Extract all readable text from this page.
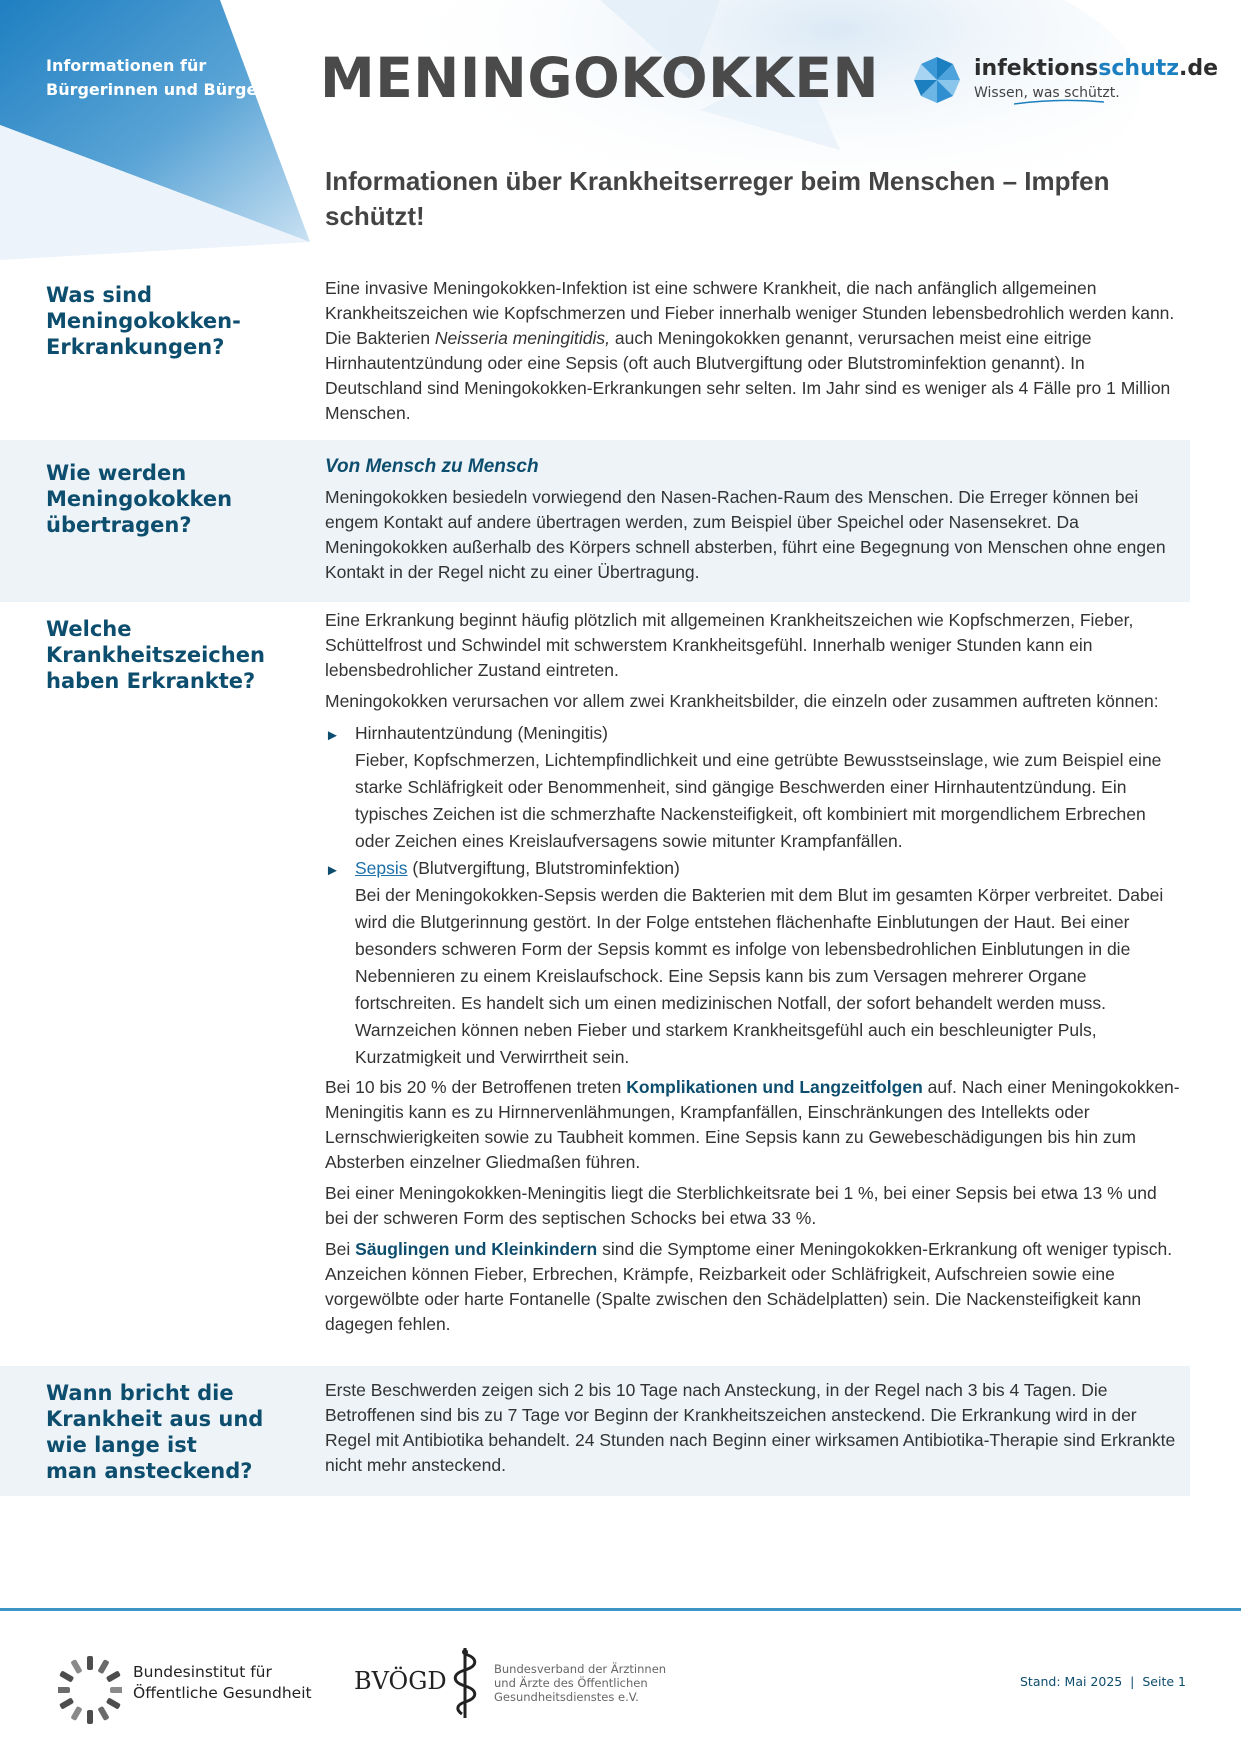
Informationen für
Bürgerinnen und Bürger MENINGOKOKKEN	infektionsschutz.de
Wissen, was schützt.
Informationen über Krankheitserreger beim Menschen – Impfen schützt!
Was sind
Meningokokken-
Erkrankungen?

Eine invasive Meningokokken-Infektion ist eine schwere Krankheit, die nach anfänglich allgemeinen Krankheitszeichen wie Kopfschmerzen und Fieber innerhalb weniger Stunden lebensbedrohlich werden kann. Die Bakterien Neisseria meningitidis, auch Meningokokken genannt, verursachen meist eine eitrige Hirnhautentzündung oder eine Sepsis (oft auch Blutvergiftung oder Blutstrominfektion genannt). In Deutschland sind Meningokokken-Erkrankungen sehr selten. Im Jahr sind es weniger als 4 Fälle pro 1 Million Menschen.

Wie werden
Meningokokken
übertragen?

Von Mensch zu Mensch

Meningokokken besiedeln vorwiegend den Nasen-Rachen-Raum des Menschen. Die Erreger können bei engem Kontakt auf andere übertragen werden, zum Beispiel über Speichel oder Nasensekret. Da Meningokokken außerhalb des Körpers schnell absterben, führt eine Begegnung von Menschen ohne engen Kontakt in der Regel nicht zu einer Übertragung.

Welche
Krankheitszeichen
haben Erkrankte?

Eine Erkrankung beginnt häufig plötzlich mit allgemeinen Krankheitszeichen wie Kopfschmerzen, Fieber, Schüttelfrost und Schwindel mit schwerstem Krankheitsgefühl. Innerhalb weniger Stunden kann ein lebensbedrohlicher Zustand eintreten.

Meningokokken verursachen vor allem zwei Krankheitsbilder, die einzeln oder zusammen auftreten können:

► Hirnhautentzündung (Meningitis)
Fieber, Kopfschmerzen, Lichtempfindlichkeit und eine getrübte Bewusstseinslage, wie zum Beispiel eine starke Schläfrigkeit oder Benommenheit, sind gängige Beschwerden einer Hirnhautentzündung. Ein typisches Zeichen ist die schmerzhafte Nackensteifigkeit, oft kombiniert mit morgendlichem Erbrechen oder Zeichen eines Kreislaufversagens sowie mitunter Krampfanfällen.
► Sepsis (Blutvergiftung, Blutstrominfektion)
Bei der Meningokokken-Sepsis werden die Bakterien mit dem Blut im gesamten Körper verbreitet. Dabei wird die Blutgerinnung gestört. In der Folge entstehen flächenhafte Einblutungen der Haut. Bei einer besonders schweren Form der Sepsis kommt es infolge von lebensbedrohlichen Einblutungen in die Nebennieren zu einem Kreislaufschock. Eine Sepsis kann bis zum Versagen mehrerer Organe fortschreiten. Es handelt sich um einen medizinischen Notfall, der sofort behandelt werden muss. Warnzeichen können neben Fieber und starkem Krankheitsgefühl auch ein beschleunigter Puls, Kurzatmigkeit und Verwirrtheit sein.

Bei 10 bis 20 % der Betroffenen treten Komplikationen und Langzeitfolgen auf. Nach einer Meningokokken-Meningitis kann es zu Hirnnervenlähmungen, Krampfanfällen, Einschränkungen des Intellekts oder Lernschwierigkeiten sowie zu Taubheit kommen. Eine Sepsis kann zu Gewebeschädigungen bis hin zum Absterben einzelner Gliedmaßen führen.

Bei einer Meningokokken-Meningitis liegt die Sterblichkeitsrate bei 1 %, bei einer Sepsis bei etwa 13 % und bei der schweren Form des septischen Schocks bei etwa 33 %.

Bei Säuglingen und Kleinkindern sind die Symptome einer Meningokokken-Erkrankung oft weniger typisch. Anzeichen können Fieber, Erbrechen, Krämpfe, Reizbarkeit oder Schläfrigkeit, Aufschreien sowie eine vorgewölbte oder harte Fontanelle (Spalte zwischen den Schädelplatten) sein. Die Nackensteifigkeit kann dagegen fehlen.

Wann bricht die
Krankheit aus und
wie lange ist
man ansteckend?

Erste Beschwerden zeigen sich 2 bis 10 Tage nach Ansteckung, in der Regel nach 3 bis 4 Tagen. Die Betroffenen sind bis zu 7 Tage vor Beginn der Krankheitszeichen ansteckend. Die Erkrankung wird in der Regel mit Antibiotika behandelt. 24 Stunden nach Beginn einer wirksamen Antibiotika-Therapie sind Erkrankte nicht mehr ansteckend.

Bundesinstitut für
Öffentliche Gesundheit BVÖGD	Bundesverband der Ärztinnen
und Ärzte des Öffentlichen
Gesundheitsdienstes e.V.
Stand: Mai 2025  |  Seite 1
